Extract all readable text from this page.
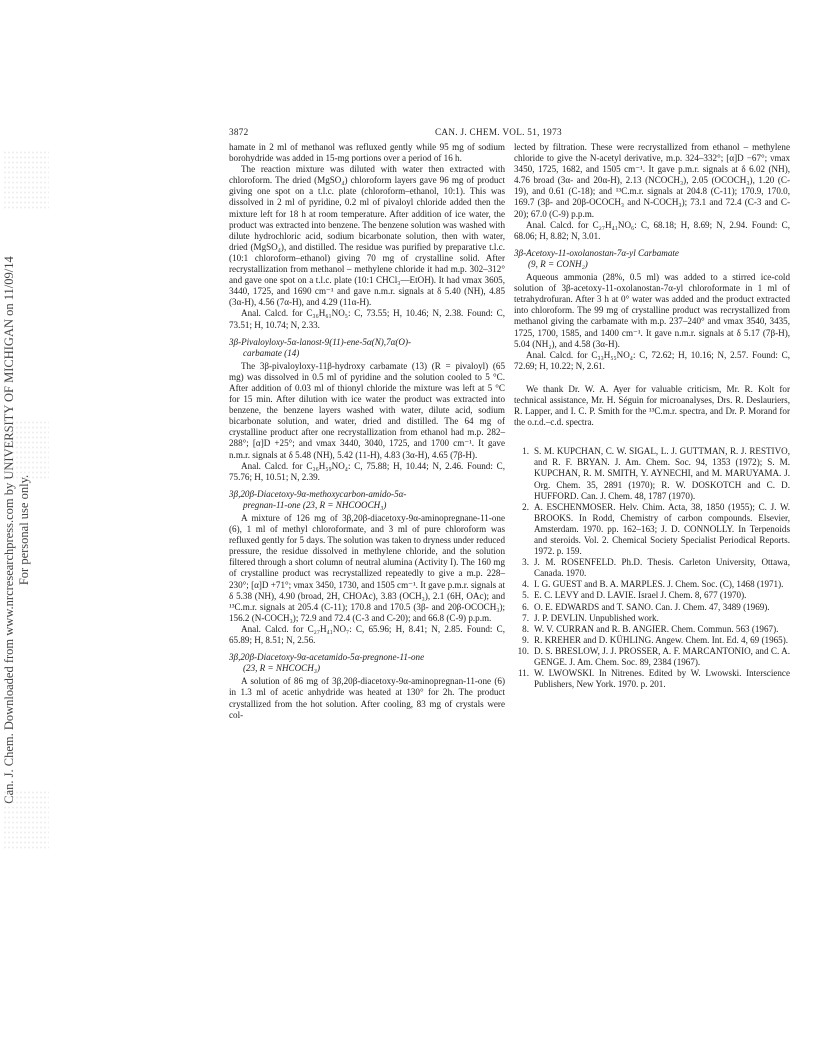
Can. J. Chem. Downloaded from www.nrcresearchpress.com by UNIVERSITY OF MICHIGAN on 11/09/14 For personal use only.
3872	CAN. J. CHEM. VOL. 51, 1973

hamate in 2 ml of methanol was refluxed gently while 95 mg of sodium borohydride was added in 15-mg portions over a period of 16 h.

The reaction mixture was diluted with water then extracted with chloroform. The dried (MgSO₄) chloroform layers gave 96 mg of product giving one spot on a t.l.c. plate (chloroform–ethanol, 10:1). This was dissolved in 2 ml of pyridine, 0.2 ml of pivaloyl chloride added then the mixture left for 18 h at room temperature. After addition of ice water, the product was extracted into benzene. The benzene solution was washed with dilute hydrochloric acid, sodium bicarbonate solution, then with water, dried (MgSO₄), and distilled. The residue was purified by preparative t.l.c. (10:1 chloroform–ethanol) giving 70 mg of crystalline solid. After recrystallization from methanol – methylene chloride it had m.p. 302–312° and gave one spot on a t.l.c. plate (10:1 CHCl₃—EtOH). It had νmax 3605, 3440, 1725, and 1690 cm⁻¹ and gave n.m.r. signals at δ 5.40 (NH), 4.85 (3α-H), 4.56 (7α-H), and 4.29 (11α-H).

Anal. Calcd. for C₃₆H₆₁NO₅: C, 73.55; H, 10.46; N, 2.38. Found: C, 73.51; H, 10.74; N, 2.33.

3β-Pivaloyloxy-5α-lanost-9(11)-ene-5α(N),7α(O)-
carbamate (14)

The 3β-pivaloyloxy-11β-hydroxy carbamate (13) (R = pivaloyl) (65 mg) was dissolved in 0.5 ml of pyridine and the solution cooled to 5 °C. After addition of 0.03 ml of thionyl chloride the mixture was left at 5 °C for 15 min. After dilution with ice water the product was extracted into benzene, the benzene layers washed with water, dilute acid, sodium bicarbonate solution, and water, dried and distilled. The 64 mg of crystalline product after one recrystallization from ethanol had m.p. 282–288°; [α]D +25°; and νmax 3440, 3040, 1725, and 1700 cm⁻¹. It gave n.m.r. signals at δ 5.48 (NH), 5.42 (11-H), 4.83 (3α-H), 4.65 (7β-H).

Anal. Calcd. for C₃₆H₅₉NO₄: C, 75.88; H, 10.44; N, 2.46. Found: C, 75.76; H, 10.51; N, 2.39.

3β,20β-Diacetoxy-9α-methoxycarbon-amido-5α-
pregnan-11-one (23, R = NHCOOCH₃)

A mixture of 126 mg of 3β,20β-diacetoxy-9α-aminopregnane-11-one (6), 1 ml of methyl chloroformate, and 3 ml of pure chloroform was refluxed gently for 5 days. The solution was taken to dryness under reduced pressure, the residue dissolved in methylene chloride, and the solution filtered through a short column of neutral alumina (Activity I). The 160 mg of crystalline product was recrystallized repeatedly to give a m.p. 228–230°; [α]D +71°; νmax 3450, 1730, and 1505 cm⁻¹. It gave p.m.r. signals at δ 5.38 (NH), 4.90 (broad, 2H, CHOAc), 3.83 (OCH₃), 2.1 (6H, OAc); and ¹³C.m.r. signals at 205.4 (C-11); 170.8 and 170.5 (3β- and 20β-OCOCH₃); 156.2 (N-COCH₃); 72.9 and 72.4 (C-3 and C-20); and 66.8 (C-9) p.p.m.

Anal. Calcd. for C₂₇H₄₁NO₇: C, 65.96; H, 8.41; N, 2.85. Found: C, 65.89; H, 8.51; N, 2.56.

3β,20β-Diacetoxy-9α-acetamido-5α-pregnone-11-one
(23, R = NHCOCH₃)

A solution of 86 mg of 3β,20β-diacetoxy-9α-aminopregnan-11-one (6) in 1.3 ml of acetic anhydride was heated at 130° for 2h. The product crystallized from the hot solution. After cooling, 83 mg of crystals were col-

lected by filtration. These were recrystallized from ethanol – methylene chloride to give the N-acetyl derivative, m.p. 324–332°; [α]D −67°; νmax 3450, 1725, 1682, and 1505 cm⁻¹. It gave p.m.r. signals at δ 6.02 (NH), 4.76 broad (3α- and 20α-H), 2.13 (NCOCH₃), 2.05 (OCOCH₃), 1.20 (C-19), and 0.61 (C-18); and ¹³C.m.r. signals at 204.8 (C-11); 170.9, 170.0, 169.7 (3β- and 20β-OCOCH₃ and N-COCH₃); 73.1 and 72.4 (C-3 and C-20); 67.0 (C-9) p.p.m.

Anal. Calcd. for C₂₇H₄₁NO₆: C, 68.18; H, 8.69; N, 2.94. Found: C, 68.06; H, 8.82; N, 3.01.

3β-Acetoxy-11-oxolanostan-7α-yl Carbamate
(9, R = CONH₂)

Aqueous ammonia (28%, 0.5 ml) was added to a stirred ice-cold solution of 3β-acetoxy-11-oxolanostan-7α-yl chloroformate in 1 ml of tetrahydrofuran. After 3 h at 0° water was added and the product extracted into chloroform. The 99 mg of crystalline product was recrystallized from methanol giving the carbamate with m.p. 237–240° and νmax 3540, 3435, 1725, 1700, 1585, and 1400 cm⁻¹. It gave n.m.r. signals at δ 5.17 (7β-H), 5.04 (NH₂), and 4.58 (3α-H).

Anal. Calcd. for C₃₃H₅₅NO₄: C, 72.62; H, 10.16; N, 2.57. Found: C, 72.69; H, 10.22; N, 2.61.

We thank Dr. W. A. Ayer for valuable criticism, Mr. R. Kolt for technical assistance, Mr. H. Séguin for microanalyses, Drs. R. Deslauriers, R. Lapper, and I. C. P. Smith for the ¹³C.m.r. spectra, and Dr. P. Morand for the o.r.d.–c.d. spectra.

1. S. M. KUPCHAN, C. W. SIGAL, L. J. GUTTMAN, R. J. RESTIVO, and R. F. BRYAN. J. Am. Chem. Soc. 94, 1353 (1972); S. M. KUPCHAN, R. M. SMITH, Y. AYNECHI, and M. MARUYAMA. J. Org. Chem. 35, 2891 (1970); R. W. DOSKOTCH and C. D. HUFFORD. Can. J. Chem. 48, 1787 (1970).
2. A. ESCHENMOSER. Helv. Chim. Acta, 38, 1850 (1955); C. J. W. BROOKS. In Rodd, Chemistry of carbon compounds. Elsevier, Amsterdam. 1970. pp. 162–163; J. D. CONNOLLY. In Terpenoids and steroids. Vol. 2. Chemical Society Specialist Periodical Reports. 1972. p. 159.
3. J. M. ROSENFELD. Ph.D. Thesis. Carleton University, Ottawa, Canada. 1970.
4. I. G. GUEST and B. A. MARPLES. J. Chem. Soc. (C), 1468 (1971).
5. E. C. LEVY and D. LAVIE. Israel J. Chem. 8, 677 (1970).
6. O. E. EDWARDS and T. SANO. Can. J. Chem. 47, 3489 (1969).
7. J. P. DEVLIN. Unpublished work.
8. W. V. CURRAN and R. B. ANGIER. Chem. Commun. 563 (1967).
9. R. KREHER and D. KÜHLING. Angew. Chem. Int. Ed. 4, 69 (1965).
10. D. S. BRESLOW, J. J. PROSSER, A. F. MARCANTONIO, and C. A. GENGE. J. Am. Chem. Soc. 89, 2384 (1967).
11. W. LWOWSKI. In Nitrenes. Edited by W. Lwowski. Interscience Publishers, New York. 1970. p. 201.
